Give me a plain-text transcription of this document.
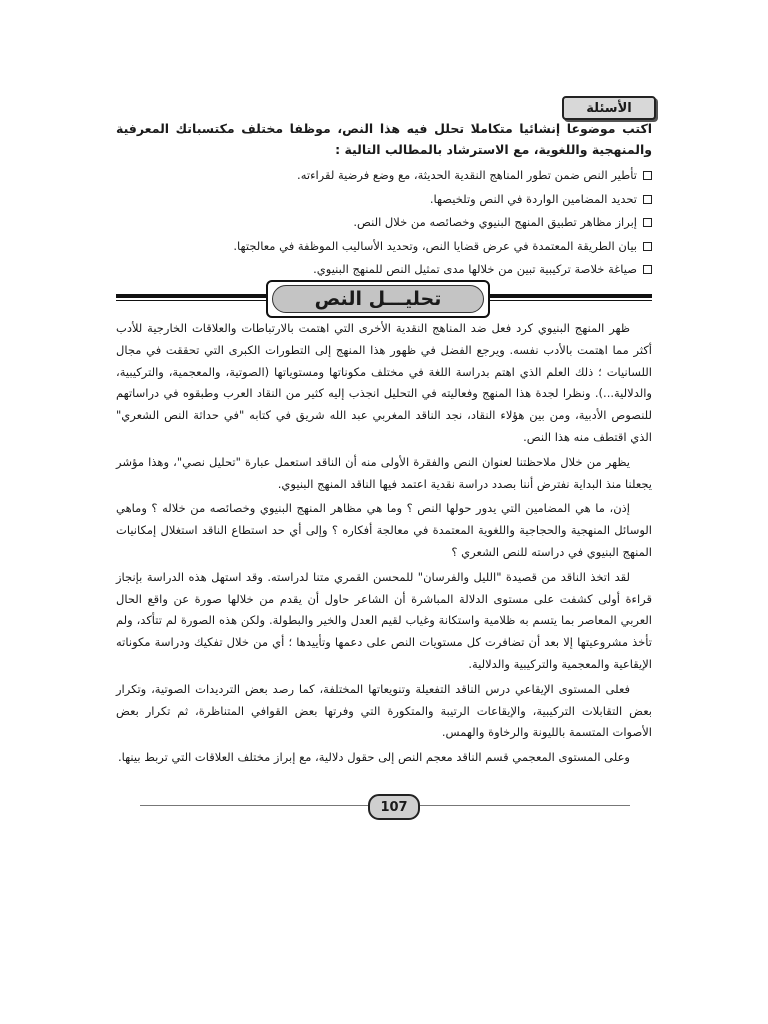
الأسئلة
اكتب موضوعا إنشائيا متكاملا تحلل فيه هذا النص، موظفا مختلف مكتسباتك المعرفية والمنهجية واللغوية، مع الاسترشاد بالمطالب التالية :
تأطير النص ضمن تطور المناهج النقدية الحديثة، مع وضع فرضية لقراءته.
تحديد المضامين الواردة في النص وتلخيصها.
إبراز مظاهر تطبيق المنهج البنيوي وخصائصه من خلال النص.
بيان الطريقة المعتمدة في عرض قضايا النص، وتحديد الأساليب الموظفة في معالجتها.
صياغة خلاصة تركيبية تبين من خلالها مدى تمثيل النص للمنهج البنيوي.
تحليـــل النص

ظهر المنهج البنيوي كرد فعل ضد المناهج النقدية الأخرى التي اهتمت بالارتباطات والعلاقات الخارجية للأدب أكثر مما اهتمت بالأدب نفسه. ويرجع الفضل في ظهور هذا المنهج إلى التطورات الكبرى التي تحققت في مجال اللسانيات ؛ ذلك العلم الذي اهتم بدراسة اللغة في مختلف مكوناتها ومستوياتها (الصوتية، والمعجمية، والتركيبية، والدلالية...). ونظرا لجدة هذا المنهج وفعاليته في التحليل انجذب إليه كثير من النقاد العرب وطبقوه في دراساتهم للنصوص الأدبية، ومن بين هؤلاء النقاد، نجد الناقد المغربي عبد الله شريق في كتابه "في حداثة النص الشعري" الذي اقتطف منه هذا النص.

يظهر من خلال ملاحظتنا لعنوان النص والفقرة الأولى منه أن الناقد استعمل عبارة "تحليل نصي"، وهذا مؤشر يجعلنا منذ البداية نفترض أننا بصدد دراسة نقدية اعتمد فيها الناقد المنهج البنيوي.

إذن، ما هي المضامين التي يدور حولها النص ؟ وما هي مظاهر المنهج البنيوي وخصائصه من خلاله ؟ وماهي الوسائل المنهجية والحجاجية واللغوية المعتمدة في معالجة أفكاره ؟ وإلى أي حد استطاع الناقد استغلال إمكانيات المنهج البنيوي في دراسته للنص الشعري ؟

لقد اتخذ الناقد من قصيدة "الليل والفرسان" للمحسن القمري متنا لدراسته. وقد استهل هذه الدراسة بإنجاز قراءة أولى كشفت على مستوى الدلالة المباشرة أن الشاعر حاول أن يقدم من خلالها صورة عن واقع الحال العربي المعاصر بما يتسم به ظلامية واستكانة وغياب لقيم العدل والخير والبطولة. ولكن هذه الصورة لم تتأكد، ولم تأخذ مشروعيتها إلا بعد أن تضافرت كل مستويات النص على دعمها وتأييدها ؛ أي من خلال تفكيك ودراسة مكوناته الإيقاعية والمعجمية والتركيبية والدلالية.

فعلى المستوى الإيقاعي درس الناقد التفعيلة وتنويعاتها المختلفة، كما رصد بعض الترديدات الصوتية، وتكرار بعض التقابلات التركيبية، والإيقاعات الرتيبة والمتكورة التي وفرتها بعض القوافي المتناظرة، ثم تكرار بعض الأصوات المتسمة بالليونة والرخاوة والهمس.

وعلى المستوى المعجمي قسم الناقد معجم النص إلى حقول دلالية، مع إبراز مختلف العلاقات التي تربط بينها.

107
